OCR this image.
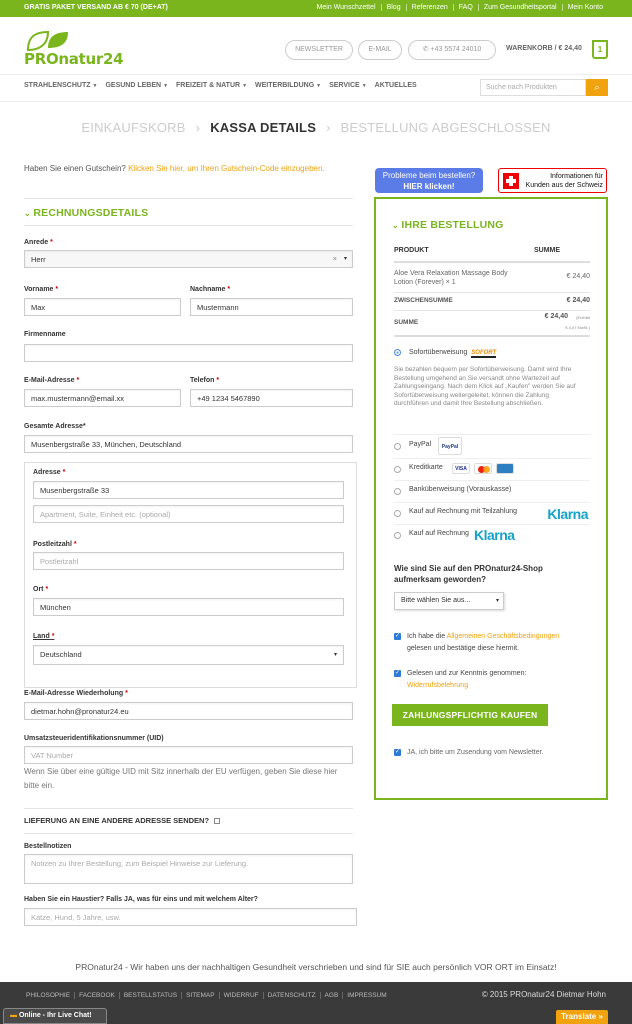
GRATIS PAKET VERSAND AB € 70 (DE+AT)	Mein Wunschzettel	Blog	Referenzen	FAQ	Zum Gesundheitsportal	Mein Konto
PROnatur24
NEWSLETTER	E-MAIL	✆ +43 5574 24010	WARENKORB / € 24,40	1
STRAHLENSCHUTZ ▼ GESUND LEBEN ▼ FREIZEIT & NATUR ▼ WEITERBILDUNG ▼ SERVICE ▼ AKTUELLES	Suche nach Produkten	⌕
EINKAUFSKORB › KASSA DETAILS › BESTELLUNG ABGESCHLOSSEN
Haben Sie einen Gutschein? Klicken Sie hier, um Ihren Gutschein-Code einzugeben.
⌄ RECHNUNGSDETAILS
Anrede *
Herr	× ▾
Vorname *
Max
Nachname *
Mustermann
Firmenname
E-Mail-Adresse *
max.mustermann@email.xx
Telefon *
+49 1234 5467890
Gesamte Adresse*
Musenbergstraße 33, München, Deutschland
Adresse *
Musenbergstraße 33
Apartment, Suite, Einheit etc. (optional)
Postleitzahl *
Postleitzahl
Ort *
München
Land *
Deutschland	▾
E-Mail-Adresse Wiederholung *
dietmar.hohn@pronatur24.eu
Umsatzsteueridentifikationsnummer (UID)
VAT Number
Wenn Sie über eine gültige UID mit Sitz innerhalb der EU verfügen, geben Sie diese hier bitte ein.
LIEFERUNG AN EINE ANDERE ADRESSE SENDEN?
Bestellnotizen
Notizen zu Ihrer Bestellung, zum Beispiel Hinweise zur Lieferung.
Haben Sie ein Haustier? Falls JA, was für eins und mit welchem Alter?
Katze, Hund, 5 Jahre, usw.
Probleme beim bestellen?
HIER klicken!
Informationen für
Kunden aus der Schweiz
⌄ IHRE BESTELLUNG
PRODUKT	SUMME
Aloe Vera Relaxation Massage Body Lotion (Forever) × 1
€ 24,40
ZWISCHENSUMME	€ 24,40
SUMME
€ 24,40 (Enthält
€ 4,07 MwSt.)
Sofortüberweisung SOFORT
Sie bezahlen bequem per Sofortüberweisung. Damit wird Ihre Bestellung umgehend an Sie versandt ohne Wartezeit auf Zahlungseingang. Nach dem Klick auf „Kaufen" werden Sie auf Sofortüberweisung weitergeleitet, können die Zahlung durchführen und damit Ihre Bestellung abschließen.
PayPal	PayPal
Kreditkarte	VISA
Banküberweisung (Vorauskasse)
Kauf auf Rechnung mit Teilzahlung Klarna
Kauf auf Rechnung Klarna
Wie sind Sie auf den PROnatur24-Shop aufmerksam geworden?
Bitte wählen Sie aus...	▾
✓ Ich habe die Allgemeinen Geschäftsbedingungen
gelesen und bestätige diese hiermit.
✓ Gelesen und zur Kenntnis genommen:
Widerrufsbelehrung
✓ JA, ich bitte um Zusendung vom Newsletter.
ZAHLUNGSPFLICHTIG KAUFEN
PROnatur24 - Wir haben uns der nachhaltigen Gesundheit verschrieben und sind für SIE auch persönlich VOR ORT im Einsatz!
PHILOSOPHIE	FACEBOOK	BESTELLSTATUS	SITEMAP	WIDERRUF	DATENSCHUTZ	AGB	IMPRESSUM	© 2015 PROnatur24 Dietmar Hohn
▬ Online - Ihr Live Chat!	Translate »
